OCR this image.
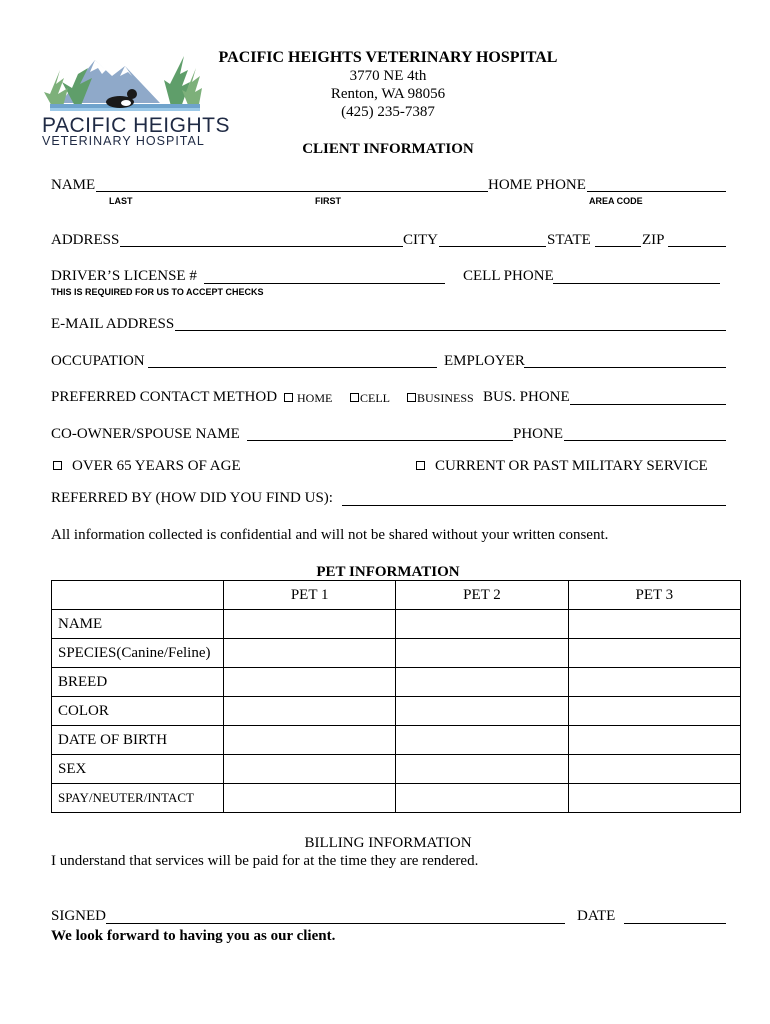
PACIFIC HEIGHTS
VETERINARY HOSPITAL
PACIFIC HEIGHTS VETERINARY HOSPITAL
3770 NE 4th
Renton, WA 98056
(425) 235-7387
CLIENT INFORMATION
NAME	HOME PHONE
LAST	FIRST	AREA CODE
ADDRESS	CITY	STATE	ZIP
DRIVER’S LICENSE #	CELL PHONE
THIS IS REQUIRED FOR US TO ACCEPT CHECKS
E-MAIL ADDRESS
OCCUPATION	EMPLOYER
PREFERRED CONTACT METHOD	HOME	CELL	BUSINESS BUS. PHONE
CO-OWNER/SPOUSE NAME	PHONE
OVER 65 YEARS OF AGE	CURRENT OR PAST MILITARY SERVICE
REFERRED BY (HOW DID YOU FIND US):
All information collected is confidential and will not be shared without your written consent.
PET INFORMATION
	PET 1	PET 2	PET 3
NAME			
SPECIES(Canine/Feline)			
BREED			
COLOR			
DATE OF BIRTH			
SEX			
SPAY/NEUTER/INTACT			
BILLING INFORMATION
I understand that services will be paid for at the time they are rendered.
SIGNED	DATE
We look forward to having you as our client.
